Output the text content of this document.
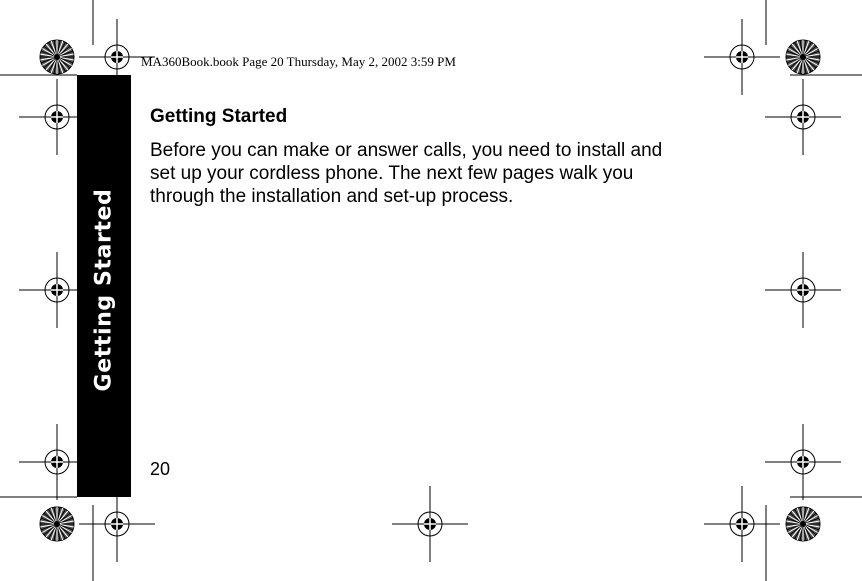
Getting Started
MA360Book.book Page 20 Thursday, May 2, 2002 3:59 PM
Getting Started

Before you can make or answer calls, you need to install and set up your cordless phone. The next few pages walk you through the installation and set-up process.

20
